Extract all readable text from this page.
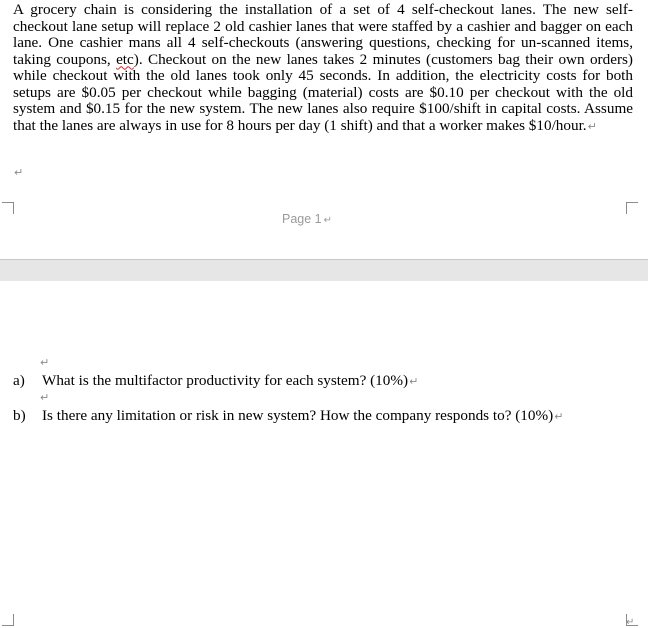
A grocery chain is considering the installation of a set of 4 self-checkout lanes. The new self-checkout lane setup will replace 2 old cashier lanes that were staffed by a cashier and bagger on each lane. One cashier mans all 4 self-checkouts (answering questions, checking for un-scanned items, taking coupons, etc). Checkout on the new lanes takes 2 minutes (customers bag their own orders) while checkout with the old lanes took only 45 seconds. In addition, the electricity costs for both setups are $0.05 per checkout while bagging (material) costs are $0.10 per checkout with the old system and $0.15 for the new system. The new lanes also require $100/shift in capital costs. Assume that the lanes are always in use for 8 hours per day (1 shift) and that a worker makes $10/hour.↵
↵
Page 1 ↵
↵
↵
a) What is the multifactor productivity for each system? (10%)↵
↵
b) Is there any limitation or risk in new system? How the company responds to? (10%)↵
